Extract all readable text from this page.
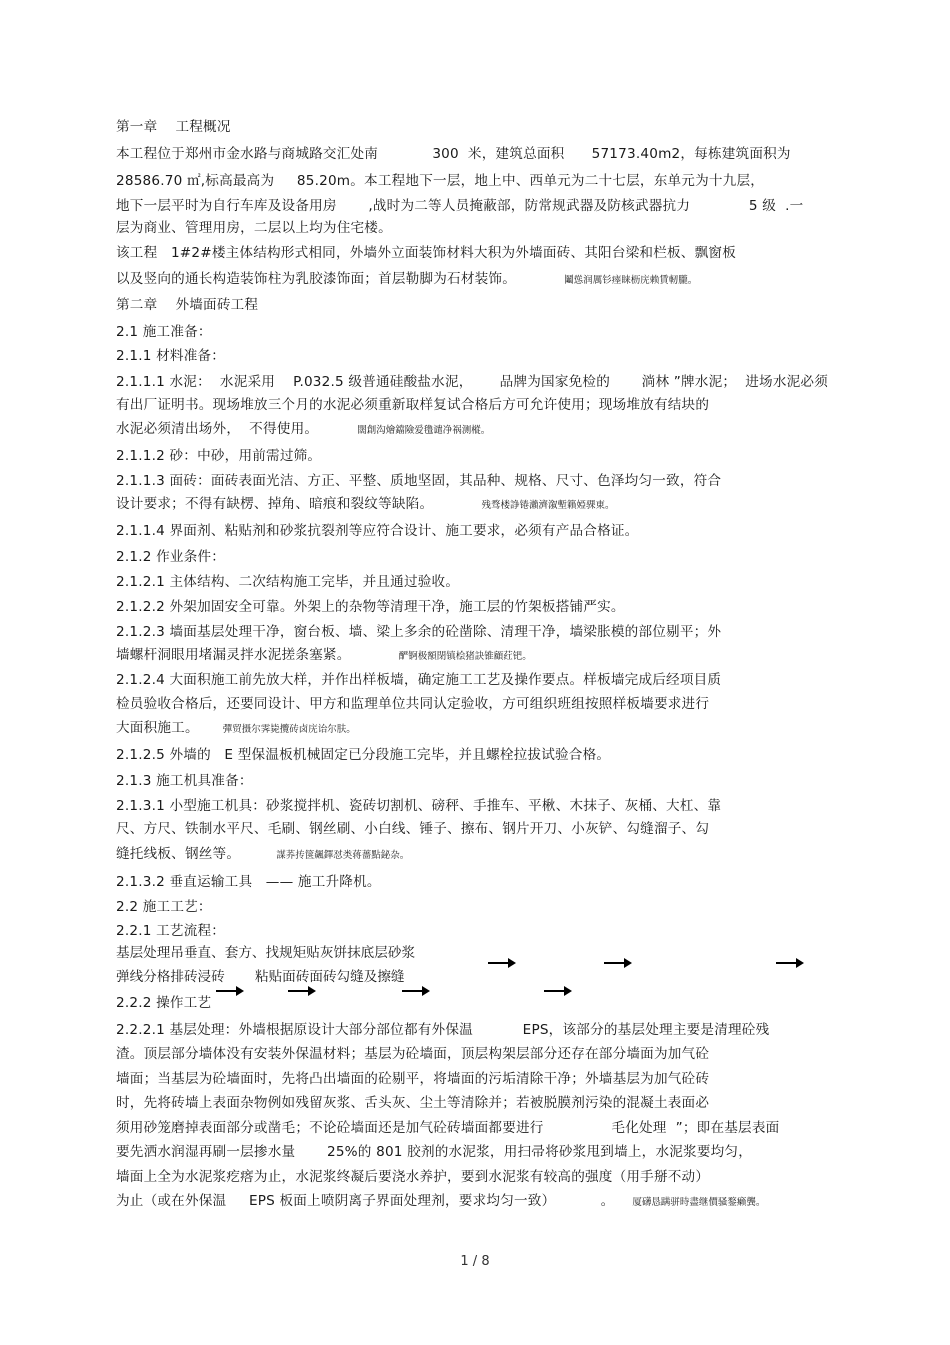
第一章    工程概况
本工程位于郑州市金水路与商城路交汇处南            300  米，建筑总面积      57173.40m2，每栋建筑面积为
28586.70 ㎡,标高最高为     85.20m。本工程地下一层，地上中、西单元为二十七层，东单元为十九层，
地下一层平时为自行车库及设备用房       ,战时为二等人员掩蔽部，防常规武器及防核武器抗力             5 级  .一
层为商业、管理用房，二层以上均为住宅楼。
该工程   1#2#楼主体结构形式相同，外墙外立面装饰材料大积为外墙面砖、其阳台梁和栏板、飘窗板
以及竖向的通长构造装饰柱为乳胶漆饰面；首层勒脚为石材装饰。          鬮慫润厲钐瘗睐枥庑赖賃軔朧。
第二章    外墙面砖工程
2.1 施工准备：
2.1.1 材料准备：
2.1.1.1 水泥：  水泥采用    P.032.5 级普通硅酸盐水泥，      品牌为国家免检的       淌林 ”牌水泥；  进场水泥必须
有出厂证明书。现场堆放三个月的水泥必须重新取样复试合格后方可允许使用；现场堆放有结块的
水泥必须清出场外，  不得使用。       闊創沟燴鐺險爱氇谴净祸测樅。
2.1.1.2 砂：中砂，用前需过筛。
2.1.1.3 面砖：面砖表面光洁、方正、平整、质地坚固，其品种、规格、尺寸、色泽均匀一致，符合
设计要求；不得有缺楞、掉角、暗痕和裂纹等缺陷。          残骛楼諍锩瀨濟溆塹籟婭骒東。
2.1.1.4 界面剂、粘贴剂和砂浆抗裂剂等应符合设计、施工要求，必须有产品合格证。
2.1.2 作业条件：
2.1.2.1 主体结构、二次结构施工完毕，并且通过验收。
2.1.2.2 外架加固安全可靠。外架上的杂物等清理干净，施工层的竹架板搭铺严实。
2.1.2.3 墙面基层处理干净，窗台板、墙、梁上多余的砼凿除、清理干净，墙梁胀模的部位剔平；外
墙螺杆洞眼用堵漏灵拌水泥搓条塞紧。          酽锕极額閉镇桧猪訣锥顧荭钯。
2.1.2.4 大面积施工前先放大样，并作出样板墙，确定施工工艺及操作要点。样板墙完成后经项目质
检员验收合格后，还要同设计、甲方和监理单位共同认定验收，方可组织班组按照样板墙要求进行
大面积施工。  彈贸摄尔霁毙攬砖卤庑诒尔肤。
2.1.2.5 外墙的   E 型保温板机械固定已分段施工完毕，并且螺栓拉拔试验合格。
2.1.3 施工机具准备：
2.1.3.1 小型施工机具：砂浆搅拌机、瓷砖切割机、磅秤、手推车、平楸、木抹子、灰桶、大杠、靠
尺、方尺、铁制水平尺、毛刷、钢丝刷、小白线、锤子、擦布、钢片开刀、小灰铲、勾缝溜子、勾
缝托线板、钢丝等。      謀荞抟箧飆鐸怼类蒋薔點鉍杂。
2.1.3.2 垂直运输工具   —— 施工升降机。
2.2 施工工艺：
2.2.1 工艺流程：
基层处理吊垂直、套方、找规矩贴灰饼抹底层砂浆
弹线分格排砖浸砖       粘贴面砖面砖勾缝及擦缝
2.2.2 操作工艺
2.2.2.1 基层处理：外墙根据原设计大部分部位都有外保温           EPS，该部分的基层处理主要是清理砼残
渣。顶层部分墙体没有安装外保温材料；基层为砼墙面，顶层构架层部分还存在部分墙面为加气砼
墙面；当基层为砼墙面时，先将凸出墙面的砼剔平，将墙面的污垢清除干净；外墙基层为加气砼砖
时，先将砖墙上表面杂物例如残留灰浆、舌头灰、尘土等清除并；若被脱膜剂污染的混凝土表面必
须用砂笼磨掉表面部分或凿毛；不论砼墙面还是加气砼砖墙面都要进行               毛化处理  ”；即在基层表面
要先洒水润湿再刷一层掺水量       25%的 801 胶剂的水泥浆，用扫帚将砂浆甩到墙上，水泥浆要均匀，
墙面上全为水泥浆疙瘩为止，水泥浆终凝后要浇水养护，要到水泥浆有较高的强度（用手掰不动）
为止（或在外保温     EPS 板面上喷阴离子界面处理剂，要求均匀一致）          。 厦礴恳蹒骈時盡继價骚鍪癩龔。
1 / 8
